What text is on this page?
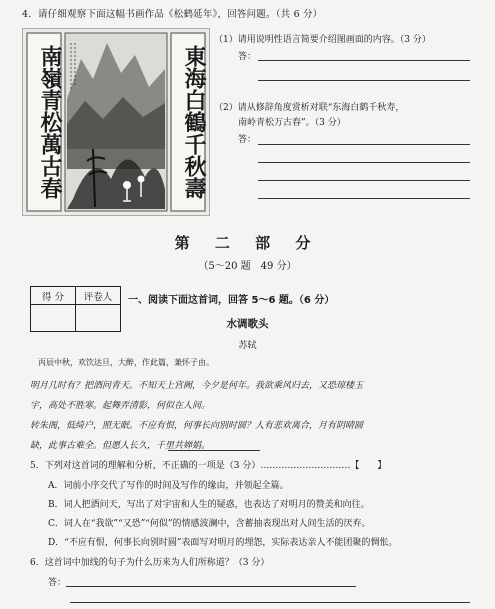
4．请仔细观察下面这幅书画作品《松鹤延年》，回答问题。（共 6 分）
南嶺青松萬古春	東海白鶴千秋壽
（1）请用说明性语言简要介绍图画面的内容。（3 分）
答：
（2）请从修辞角度赏析对联“东海白鹤千秋寿，
南岭青松万古春”。（3 分）
答：
第 二 部 分
（5～20 题　49 分）
得 分	评卷人
	一、阅读下面这首词，回答 5～6 题。（6 分）
水调歌头
苏轼
丙辰中秋，欢饮达旦，大醉，作此篇，兼怀子由。
明月几时有？把酒问青天。不知天上宫阙，今夕是何年。我欲乘风归去，又恐琼楼玉
宇，高处不胜寒。起舞弄清影，何似在人间。
转朱阁，低绮户，照无眠。不应有恨，何事长向别时圆？人有悲欢离合，月有阴晴圆
缺，此事古难全。但愿人长久，千里共婵娟。
5．下列对这首词的理解和分析，不正确的一项是（3 分）…………………………【　　】
A．词前小序交代了写作的时间及写作的缘由，并领起全篇。
B．词人把酒问天，写出了对宇宙和人生的疑惑，也表达了对明月的赞美和向往。
C．词人在“我欲”“又恐”“何似”的情感波澜中，含蓄抽表现出对人间生活的厌弃。
D．“不应有恨，何事长向别时圆”表面写对明月的埋怨，实际表达亲人不能团聚的惆怅。
6．这首词中加线的句子为什么历来为人们所称道？（3 分）
答：
